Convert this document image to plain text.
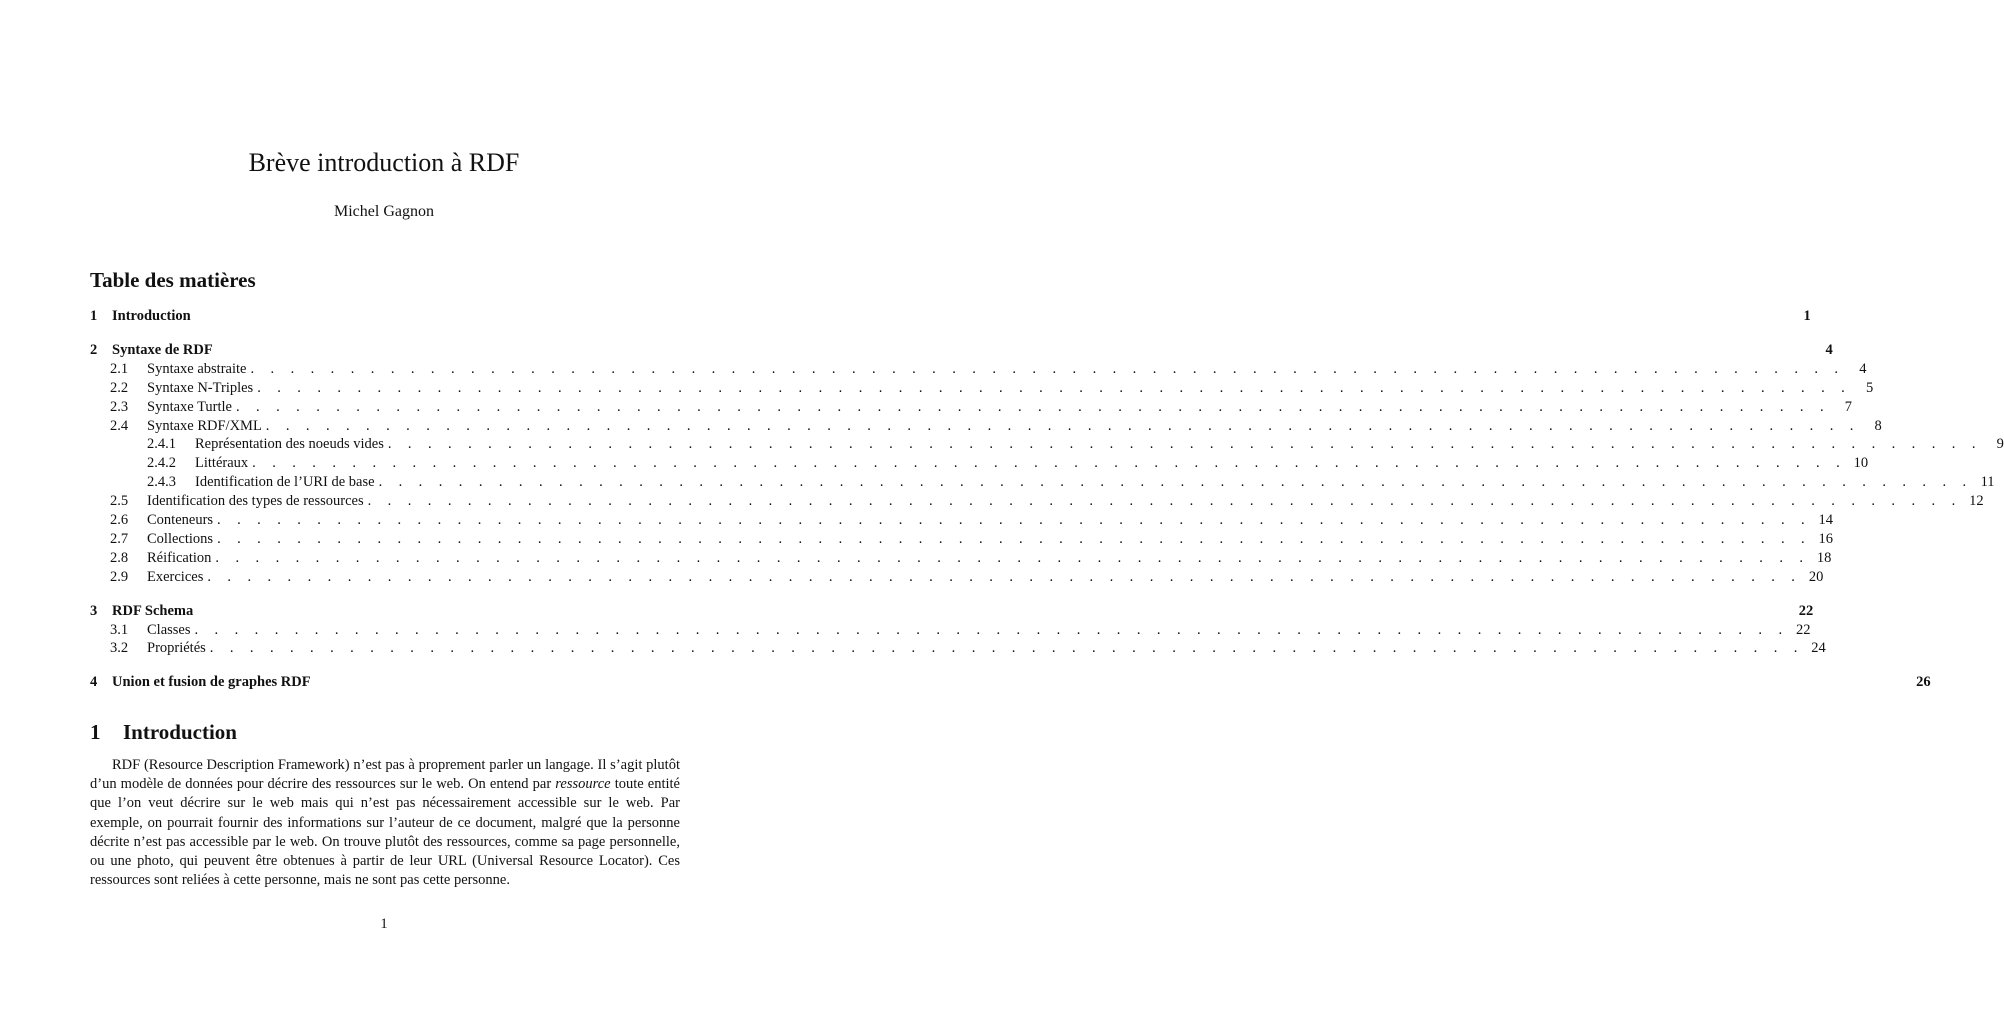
Brève introduction à RDF
Michel Gagnon
Table des matières
1	Introduction	1
2	Syntaxe de RDF	4
2.1	Syntaxe abstraite . . . . . . . . . . . . . . . . . . . . . . . . . . . . . . . . . . . . . . . . . . . . . . . . . . . . . . . . . . . . . . . . . . . . . . . . . . . . . . . .	4
2.2	Syntaxe N-Triples . . . . . . . . . . . . . . . . . . . . . . . . . . . . . . . . . . . . . . . . . . . . . . . . . . . . . . . . . . . . . . . . . . . . . . . . . . . . . . . .	5
2.3	Syntaxe Turtle . . . . . . . . . . . . . . . . . . . . . . . . . . . . . . . . . . . . . . . . . . . . . . . . . . . . . . . . . . . . . . . . . . . . . . . . . . . . . . . .	7
2.4	Syntaxe RDF/XML . . . . . . . . . . . . . . . . . . . . . . . . . . . . . . . . . . . . . . . . . . . . . . . . . . . . . . . . . . . . . . . . . . . . . . . . . . . . . . . .	8
2.4.1	Représentation des noeuds vides . . . . . . . . . . . . . . . . . . . . . . . . . . . . . . . . . . . . . . . . . . . . . . . . . . . . . . . . . . . . . . . . . . . . . . . . . . . . . . . .	9
2.4.2	Littéraux . . . . . . . . . . . . . . . . . . . . . . . . . . . . . . . . . . . . . . . . . . . . . . . . . . . . . . . . . . . . . . . . . . . . . . . . . . . . . . . . 10
2.4.3	Identification de l’URI de base . . . . . . . . . . . . . . . . . . . . . . . . . . . . . . . . . . . . . . . . . . . . . . . . . . . . . . . . . . . . . . . . . . . . . . . . . . . . . . . . 11
2.5	Identification des types de ressources . . . . . . . . . . . . . . . . . . . . . . . . . . . . . . . . . . . . . . . . . . . . . . . . . . . . . . . . . . . . . . . . . . . . . . . . . . . . . . . . 12
2.6	Conteneurs . . . . . . . . . . . . . . . . . . . . . . . . . . . . . . . . . . . . . . . . . . . . . . . . . . . . . . . . . . . . . . . . . . . . . . . . . . . . . . . . 14
2.7	Collections . . . . . . . . . . . . . . . . . . . . . . . . . . . . . . . . . . . . . . . . . . . . . . . . . . . . . . . . . . . . . . . . . . . . . . . . . . . . . . . . 16
2.8	Réification . . . . . . . . . . . . . . . . . . . . . . . . . . . . . . . . . . . . . . . . . . . . . . . . . . . . . . . . . . . . . . . . . . . . . . . . . . . . . . . . 18
2.9	Exercices . . . . . . . . . . . . . . . . . . . . . . . . . . . . . . . . . . . . . . . . . . . . . . . . . . . . . . . . . . . . . . . . . . . . . . . . . . . . . . . . 20
3	RDF Schema	22
3.1	Classes . . . . . . . . . . . . . . . . . . . . . . . . . . . . . . . . . . . . . . . . . . . . . . . . . . . . . . . . . . . . . . . . . . . . . . . . . . . . . . . . 22
3.2	Propriétés . . . . . . . . . . . . . . . . . . . . . . . . . . . . . . . . . . . . . . . . . . . . . . . . . . . . . . . . . . . . . . . . . . . . . . . . . . . . . . . . 24
4	Union et fusion de graphes RDF	26
1 Introduction
RDF (Resource Description Framework) n’est pas à proprement parler un langage. Il s’agit plutôt d’un modèle de données pour décrire des ressources sur le web. On entend par ressource toute entité que l’on veut décrire sur le web mais qui n’est pas nécessairement accessible sur le web. Par exemple, on pourrait fournir des informations sur l’auteur de ce document, malgré que la personne décrite n’est pas accessible par le web. On trouve plutôt des ressources, comme sa page personnelle, ou une photo, qui peuvent être obtenues à partir de leur URL (Universal Resource Locator). Ces ressources sont reliées à cette personne, mais ne sont pas cette personne.
1
